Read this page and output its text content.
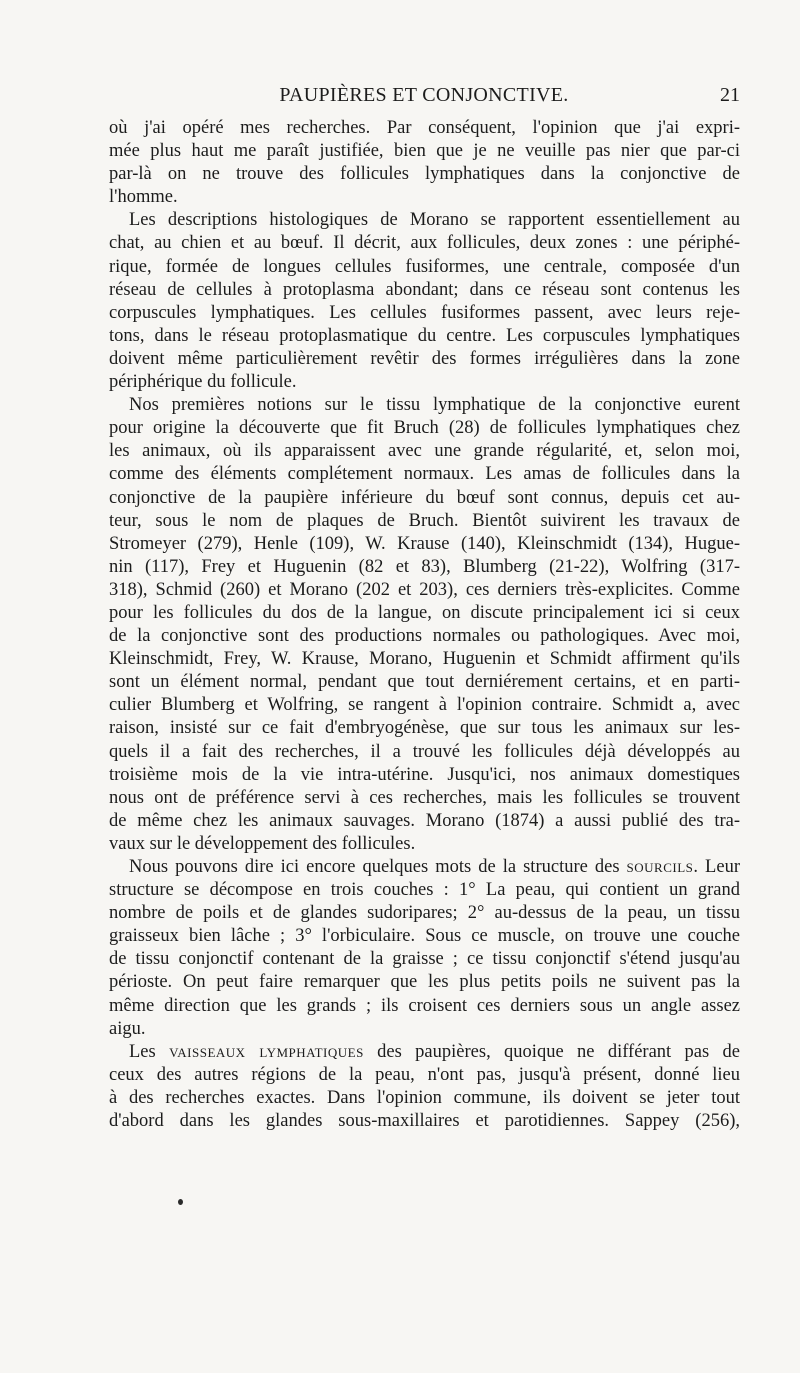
PAUPIÈRES ET CONJONCTIVE.	21
où j'ai opéré mes recherches. Par conséquent, l'opinion que j'ai expri-
mée plus haut me paraît justifiée, bien que je ne veuille pas nier que par-ci
par-là on ne trouve des follicules lymphatiques dans la conjonctive de
l'homme.
Les descriptions histologiques de Morano se rapportent essentiellement au
chat, au chien et au bœuf. Il décrit, aux follicules, deux zones : une périphé-
rique, formée de longues cellules fusiformes, une centrale, composée d'un
réseau de cellules à protoplasma abondant; dans ce réseau sont contenus les
corpuscules lymphatiques. Les cellules fusiformes passent, avec leurs reje-
tons, dans le réseau protoplasmatique du centre. Les corpuscules lymphatiques
doivent même particulièrement revêtir des formes irrégulières dans la zone
périphérique du follicule.
Nos premières notions sur le tissu lymphatique de la conjonctive eurent
pour origine la découverte que fit Bruch (28) de follicules lymphatiques chez
les animaux, où ils apparaissent avec une grande régularité, et, selon moi,
comme des éléments complétement normaux. Les amas de follicules dans la
conjonctive de la paupière inférieure du bœuf sont connus, depuis cet au-
teur, sous le nom de plaques de Bruch. Bientôt suivirent les travaux de
Stromeyer (279), Henle (109), W. Krause (140), Kleinschmidt (134), Hugue-
nin (117), Frey et Huguenin (82 et 83), Blumberg (21-22), Wolfring (317-
318), Schmid (260) et Morano (202 et 203), ces derniers très-explicites. Comme
pour les follicules du dos de la langue, on discute principalement ici si ceux
de la conjonctive sont des productions normales ou pathologiques. Avec moi,
Kleinschmidt, Frey, W. Krause, Morano, Huguenin et Schmidt affirment qu'ils
sont un élément normal, pendant que tout derniérement certains, et en parti-
culier Blumberg et Wolfring, se rangent à l'opinion contraire. Schmidt a, avec
raison, insisté sur ce fait d'embryogénèse, que sur tous les animaux sur les-
quels il a fait des recherches, il a trouvé les follicules déjà développés au
troisième mois de la vie intra-utérine. Jusqu'ici, nos animaux domestiques
nous ont de préférence servi à ces recherches, mais les follicules se trouvent
de même chez les animaux sauvages. Morano (1874) a aussi publié des tra-
vaux sur le développement des follicules.
Nous pouvons dire ici encore quelques mots de la structure des sourcils. Leur
structure se décompose en trois couches : 1° La peau, qui contient un grand
nombre de poils et de glandes sudoripares; 2° au-dessus de la peau, un tissu
graisseux bien lâche ; 3° l'orbiculaire. Sous ce muscle, on trouve une couche
de tissu conjonctif contenant de la graisse ; ce tissu conjonctif s'étend jusqu'au
périoste. On peut faire remarquer que les plus petits poils ne suivent pas la
même direction que les grands ; ils croisent ces derniers sous un angle assez
aigu.
Les vaisseaux lymphatiques des paupières, quoique ne différant pas de
ceux des autres régions de la peau, n'ont pas, jusqu'à présent, donné lieu
à des recherches exactes. Dans l'opinion commune, ils doivent se jeter tout
d'abord dans les glandes sous-maxillaires et parotidiennes. Sappey (256),
